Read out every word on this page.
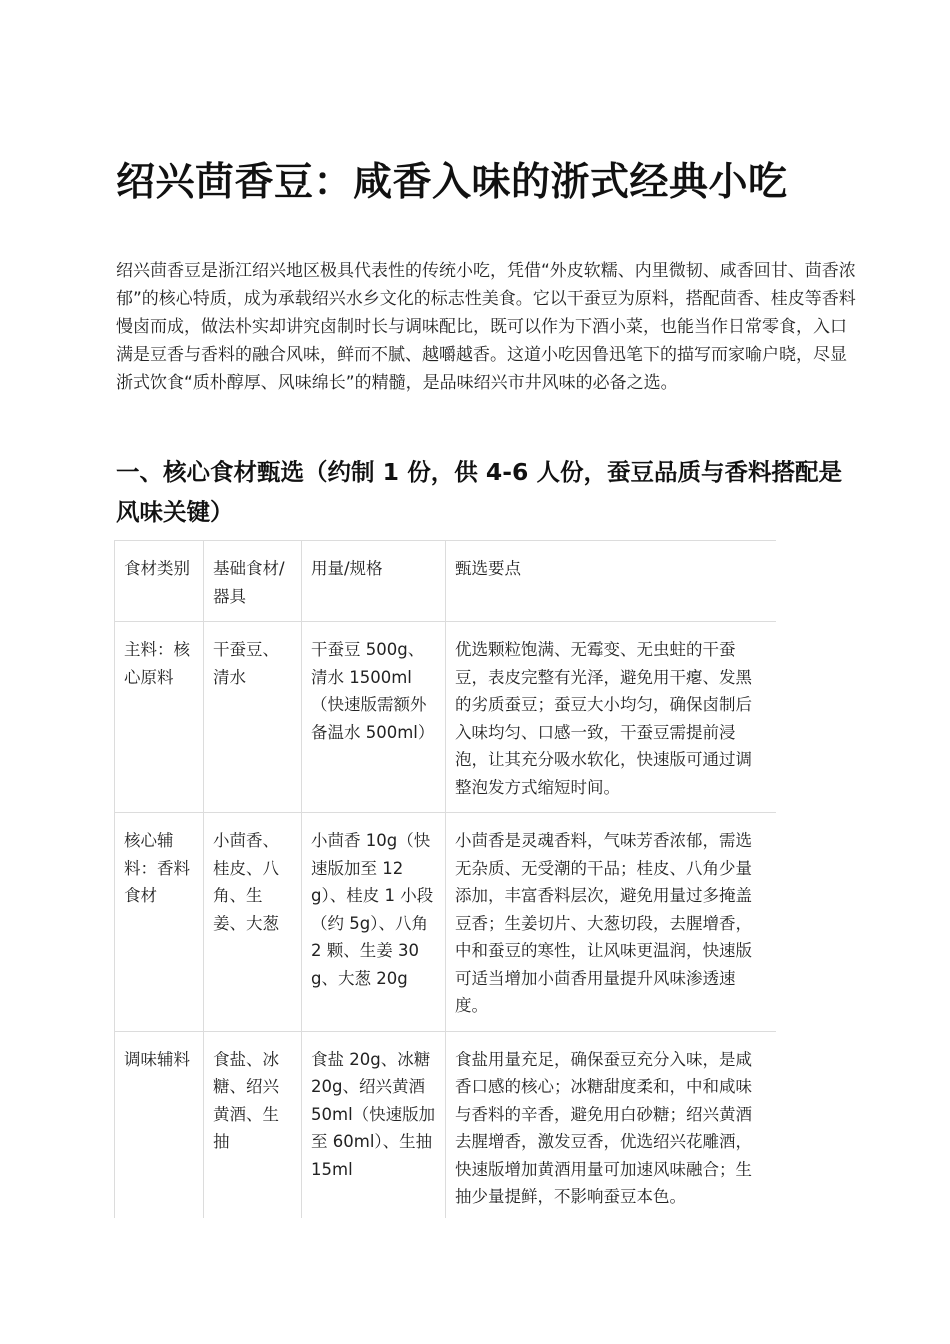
绍兴茴香豆：咸香入味的浙式经典小吃

绍兴茴香豆是浙江绍兴地区极具代表性的传统小吃，凭借“外皮软糯、内里微韧、咸香回甘、茴香浓郁”的核心特质，成为承载绍兴水乡文化的标志性美食。它以干蚕豆为原料，搭配茴香、桂皮等香料慢卤而成，做法朴实却讲究卤制时长与调味配比，既可以作为下酒小菜，也能当作日常零食，入口满是豆香与香料的融合风味，鲜而不腻、越嚼越香。这道小吃因鲁迅笔下的描写而家喻户晓，尽显浙式饮食“质朴醇厚、风味绵长”的精髓，是品味绍兴市井风味的必备之选。

一、核心食材甄选（约制 1 份，供 4-6 人份，蚕豆品质与香料搭配是风味关键）
食材类别	基础食材/器具	用量/规格	甄选要点
主料：核心原料	干蚕豆、清水	干蚕豆 500g、清水 1500ml（快速版需额外备温水 500ml）	优选颗粒饱满、无霉变、无虫蛀的干蚕豆，表皮完整有光泽，避免用干瘪、发黑的劣质蚕豆；蚕豆大小均匀，确保卤制后入味均匀、口感一致，干蚕豆需提前浸泡，让其充分吸水软化，快速版可通过调整泡发方式缩短时间。
核心辅料：香料食材	小茴香、桂皮、八角、生姜、大葱	小茴香 10g（快速版加至 12g）、桂皮 1 小段（约 5g）、八角 2 颗、生姜 30g、大葱 20g	小茴香是灵魂香料，气味芳香浓郁，需选无杂质、无受潮的干品；桂皮、八角少量添加，丰富香料层次，避免用量过多掩盖豆香；生姜切片、大葱切段，去腥增香，中和蚕豆的寒性，让风味更温润，快速版可适当增加小茴香用量提升风味渗透速度。
调味辅料	食盐、冰糖、绍兴黄酒、生抽	食盐 20g、冰糖 20g、绍兴黄酒 50ml（快速版加至 60ml）、生抽 15ml	食盐用量充足，确保蚕豆充分入味，是咸香口感的核心；冰糖甜度柔和，中和咸味与香料的辛香，避免用白砂糖；绍兴黄酒去腥增香，激发豆香，优选绍兴花雕酒，快速版增加黄酒用量可加速风味融合；生抽少量提鲜，不影响蚕豆本色。
